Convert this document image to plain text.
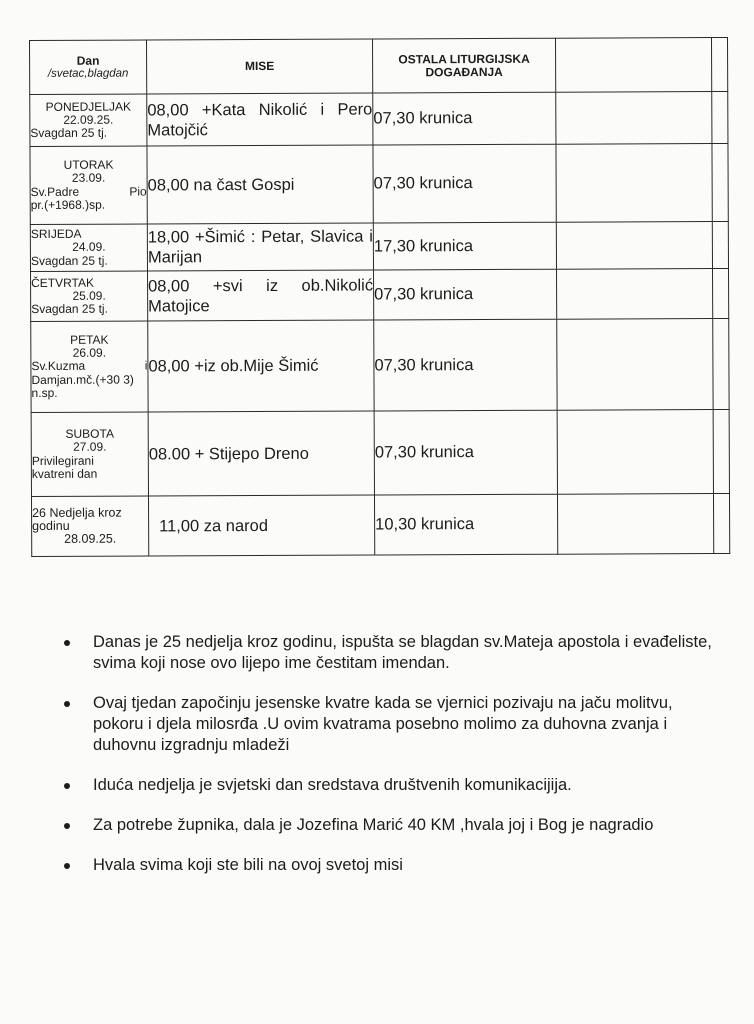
Dan
/svetac,blagdan	MISE	OSTALA LITURGIJSKA
DOGAĐANJA		

PONEDJELJAK
22.09.25.
Svagdan 25 tj.	08,00 +Kata Nikolić i Pero Matojčić	07,30 krunica		

UTORAK
23.09.
Sv.Padre Pio
pr.(+1968.)sp.	08,00 na čast Gospi	07,30 krunica		

SRIJEDA
24.09.
Svagdan 25 tj.	18,00 +Šimić : Petar, Slavica i Marijan	17,30 krunica		

ČETVRTAK
25.09.
Svagdan 25 tj.	08,00 +svi iz ob.Nikolić Matojice	07,30 krunica		

PETAK
26.09.
Sv.Kuzma i
Damjan.mč.(+30 3) n.sp.	08,00 +iz ob.Mije Šimić	07,30 krunica		

SUBOTA
27.09.
Privilegirani
kvatreni dan	08.00 + Stijepo Dreno	07,30 krunica		

26 Nedjelja kroz
godinu
28.09.25.	11,00 za narod	10,30 krunica		
Danas je 25 nedjelja kroz godinu, ispušta se blagdan sv.Mateja apostola i evađeliste, svima koji nose ovo lijepo ime čestitam imendan.
Ovaj tjedan započinju jesenske kvatre kada se vjernici pozivaju na jaču molitvu, pokoru i djela milosrđa .U ovim kvatrama posebno molimo za duhovna zvanja i duhovnu izgradnju mladeži
Iduća nedjelja je svjetski dan sredstava društvenih komunikacijija.
Za potrebe župnika, dala je Jozefina Marić 40 KM ,hvala joj i Bog je nagradio
Hvala svima koji ste bili na ovoj svetoj misi
